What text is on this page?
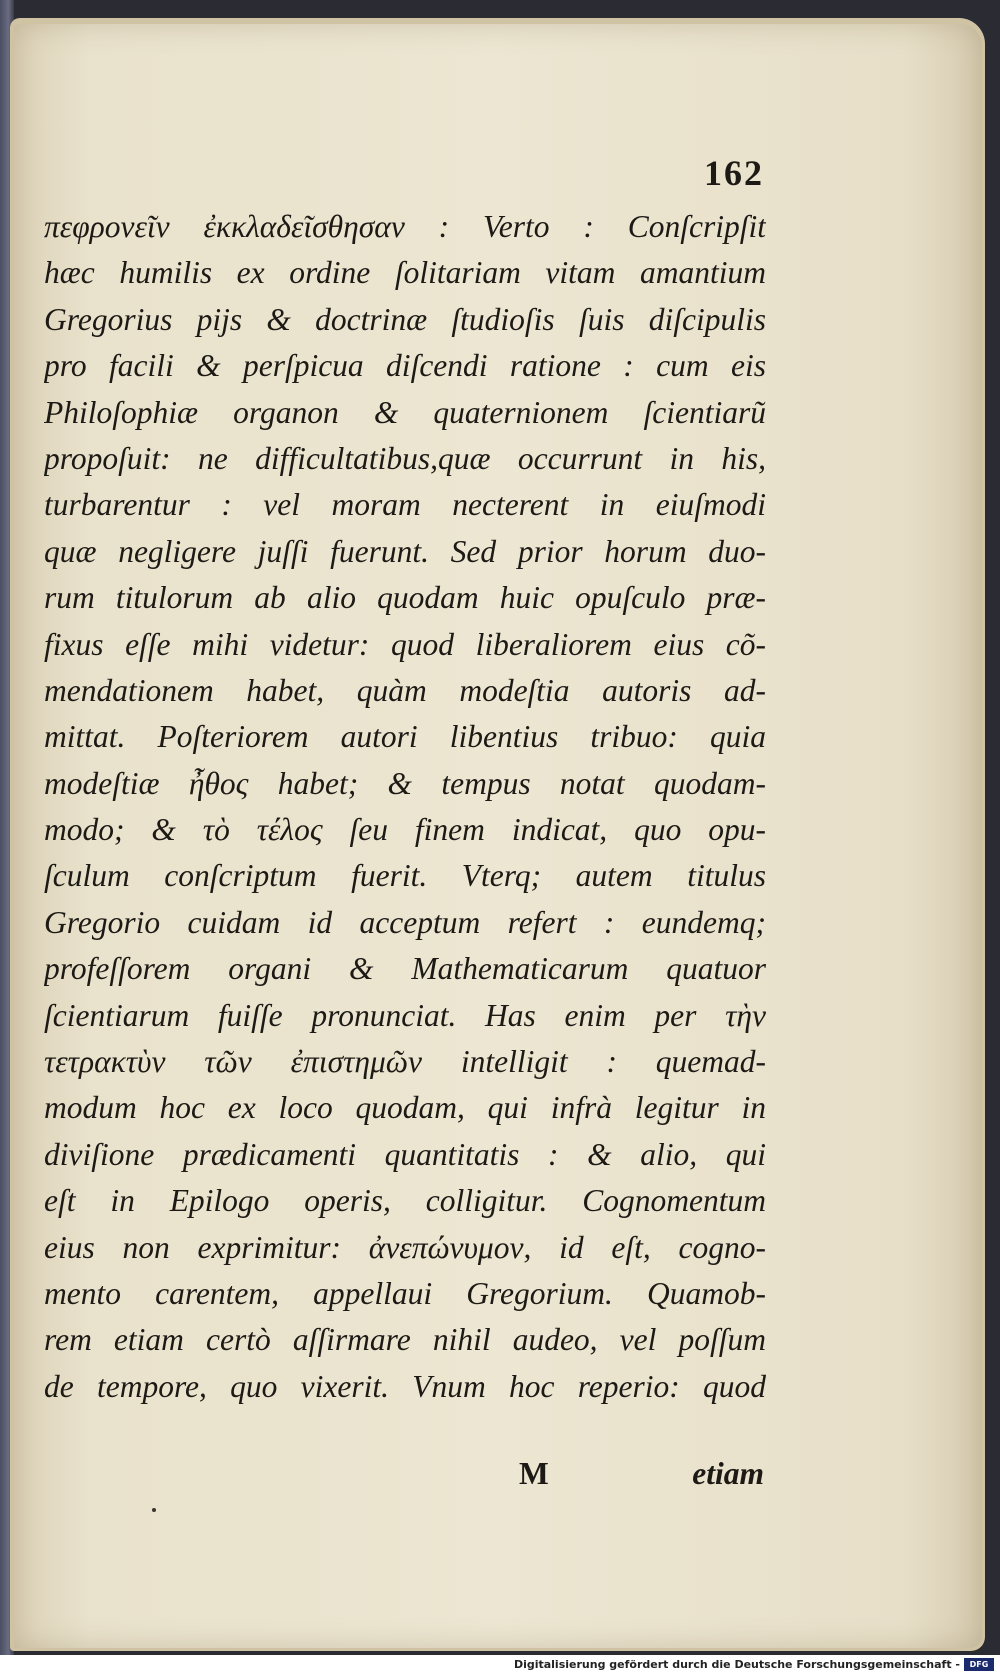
162
πεφρονεῖν ἐκκλαδεῖσθησαν : Verto : Conſcripſit
hæc humilis ex ordine ſolitariam vitam amantium
Gregorius pijs & doctrinæ ſtudioſis ſuis diſcipulis
pro facili & perſpicua diſcendi ratione : cum eis
Philoſophiæ organon & quaternionem ſcientiarũ
propoſuit: ne difficultatibus,quæ occurrunt in his,
turbarentur : vel moram necterent in eiuſmodi
quæ negligere juſſi fuerunt. Sed prior horum duo-
rum titulorum ab alio quodam huic opuſculo præ-
fixus eſſe mihi videtur: quod liberaliorem eius cõ-
mendationem habet, quàm modeſtia autoris ad-
mittat. Poſteriorem autori libentius tribuo: quia
modeſtiæ ἦθος habet; & tempus notat quodam-
modo; & τὸ τέλος ſeu finem indicat, quo opu-
ſculum conſcriptum fuerit. Vterq; autem titulus
Gregorio cuidam id acceptum refert : eundemq;
profeſſorem organi & Mathematicarum quatuor
ſcientiarum fuiſſe pronunciat. Has enim per τὴν
τετρακτὺν τῶν ἐπιστημῶν intelligit : quemad-
modum hoc ex loco quodam, qui infrà legitur in
diviſione prædicamenti quantitatis : & alio, qui
eſt in Epilogo operis, colligitur. Cognomentum
eius non exprimitur: ἀνεπώνυμον, id eſt, cogno-
mento carentem, appellaui Gregorium. Quamob-
rem etiam certò aſſirmare nihil audeo, vel poſſum
de tempore, quo vixerit. Vnum hoc reperio: quod
M	etiam
Digitalisierung gefördert durch die Deutsche Forschungsgemeinschaft -	DFG
